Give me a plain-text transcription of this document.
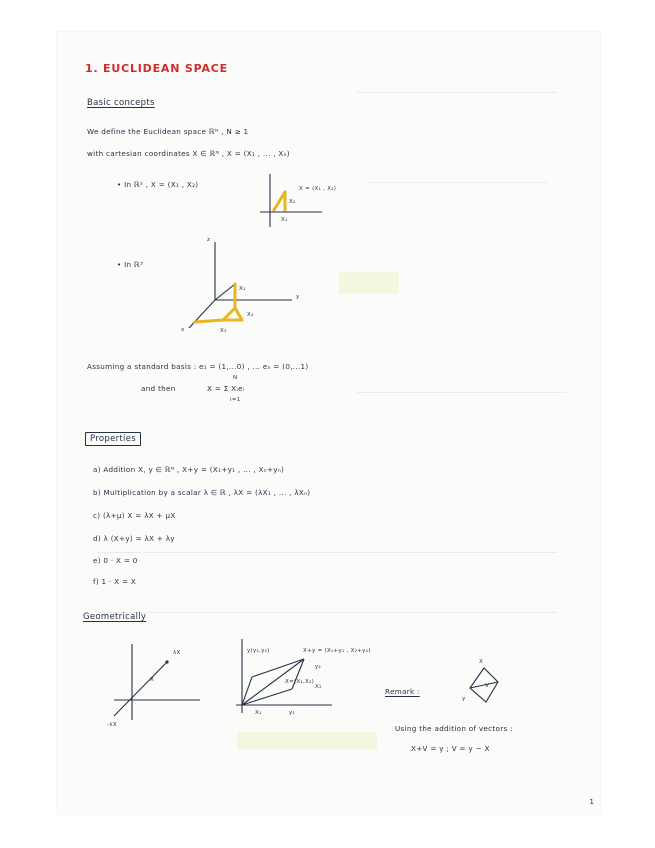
1. EUCLIDEAN SPACE
Basic concepts
We define the Euclidean space ℝᴺ , N ≥ 1
with cartesian coordinates X ∈ ℝᴺ , X = (X₁ , ... , Xₙ)
• In ℝ² , X = (X₁ , X₂)	X = (X₁ , X₂)
X₂
X₁
• In ℝ³
z
y
x
X₁
X₂
X₃
Assuming a standard basis : e₁ = (1,...0) , ... eₙ = (0,...1)
and then
N
X = Σ Xᵢeᵢ
i=1
Properties
a) Addition X, y ∈ ℝᴺ , X+y = (X₁+y₁ , ... , Xₙ+yₙ)
b) Multiplication by a scalar λ ∈ ℝ , λX = (λX₁ , ... , λXₙ)
c) (λ+μ) X = λX + μX
d) λ (X+y) = λX + λy
e) 0 · X = 0
f) 1 · X = X
Geometrically
λX
X
-λX
y(y₁,y₂)	X+y = (X₁+y₁ , X₂+y₂)
y₂
X=(X₁,X₂)
X₂
X₁	y₁
Remark :
X
V
y
Using the addition of vectors :
X+V = y ; V = y − X
1
